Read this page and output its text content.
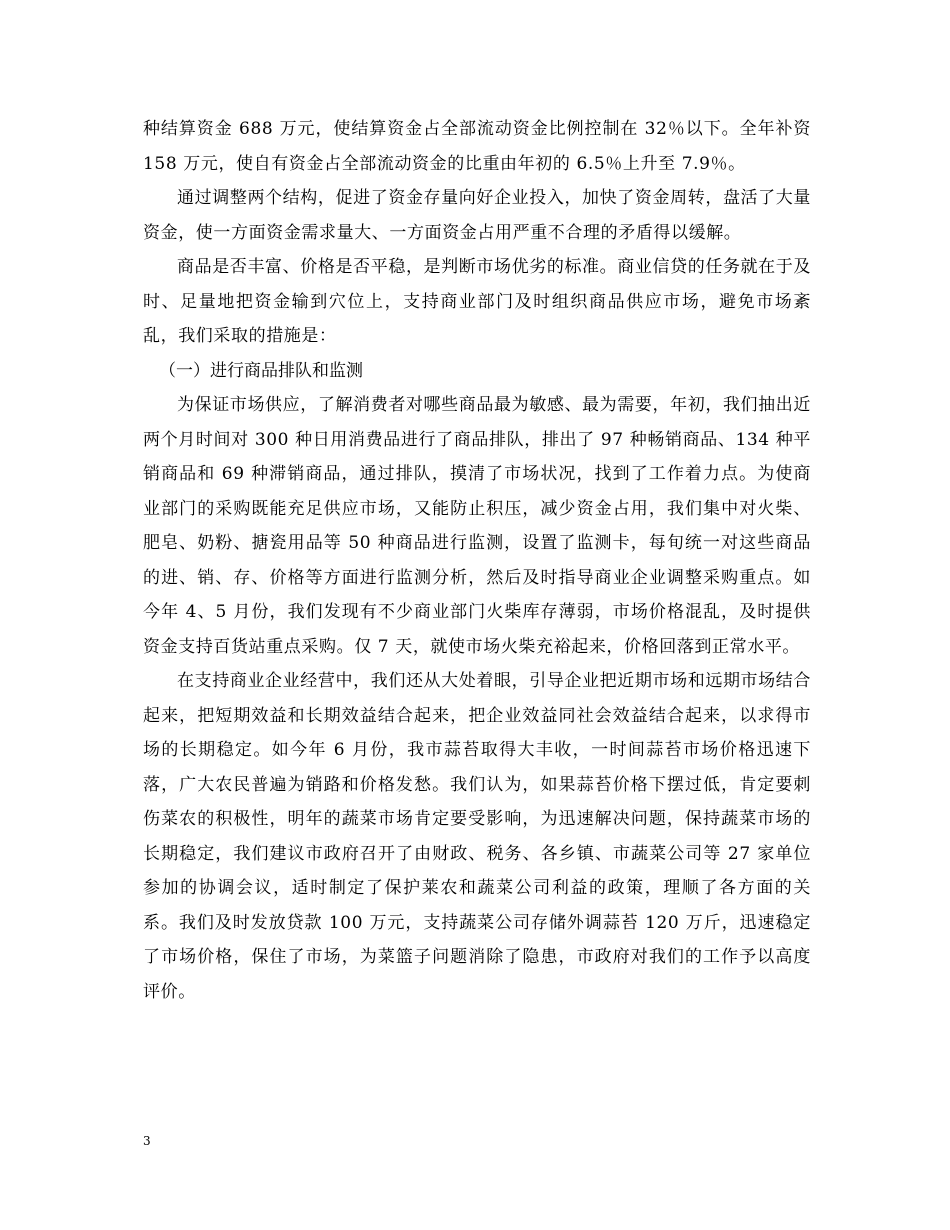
种结算资金 688 万元，使结算资金占全部流动资金比例控制在 32％以下。全年补资 158 万元，使自有资金占全部流动资金的比重由年初的 6.5％上升至 7.9％。

通过调整两个结构，促进了资金存量向好企业投入，加快了资金周转，盘活了大量资金，使一方面资金需求量大、一方面资金占用严重不合理的矛盾得以缓解。

商品是否丰富、价格是否平稳，是判断市场优劣的标准。商业信贷的任务就在于及时、足量地把资金输到穴位上，支持商业部门及时组织商品供应市场，避免市场紊乱，我们采取的措施是：

（一）进行商品排队和监测

为保证市场供应，了解消费者对哪些商品最为敏感、最为需要，年初，我们抽出近两个月时间对 300 种日用消费品进行了商品排队，排出了 97 种畅销商品、134 种平销商品和 69 种滞销商品，通过排队，摸清了市场状况，找到了工作着力点。为使商业部门的采购既能充足供应市场，又能防止积压，减少资金占用，我们集中对火柴、肥皂、奶粉、搪瓷用品等 50 种商品进行监测，设置了监测卡，每旬统一对这些商品的进、销、存、价格等方面进行监测分析，然后及时指导商业企业调整采购重点。如今年 4、5 月份，我们发现有不少商业部门火柴库存薄弱，市场价格混乱，及时提供资金支持百货站重点采购。仅 7 天，就使市场火柴充裕起来，价格回落到正常水平。

在支持商业企业经营中，我们还从大处着眼，引导企业把近期市场和远期市场结合起来，把短期效益和长期效益结合起来，把企业效益同社会效益结合起来，以求得市场的长期稳定。如今年 6 月份，我市蒜苔取得大丰收，一时间蒜苔市场价格迅速下落，广大农民普遍为销路和价格发愁。我们认为，如果蒜苔价格下摆过低，肯定要刺伤菜农的积极性，明年的蔬菜市场肯定要受影响，为迅速解决问题，保持蔬菜市场的长期稳定，我们建议市政府召开了由财政、税务、各乡镇、市蔬菜公司等 27 家单位参加的协调会议，适时制定了保护莱农和蔬菜公司利益的政策，理顺了各方面的关系。我们及时发放贷款 100 万元，支持蔬菜公司存储外调蒜苔 120 万斤，迅速稳定了市场价格，保住了市场，为菜篮子问题消除了隐患，市政府对我们的工作予以高度评价。

3
